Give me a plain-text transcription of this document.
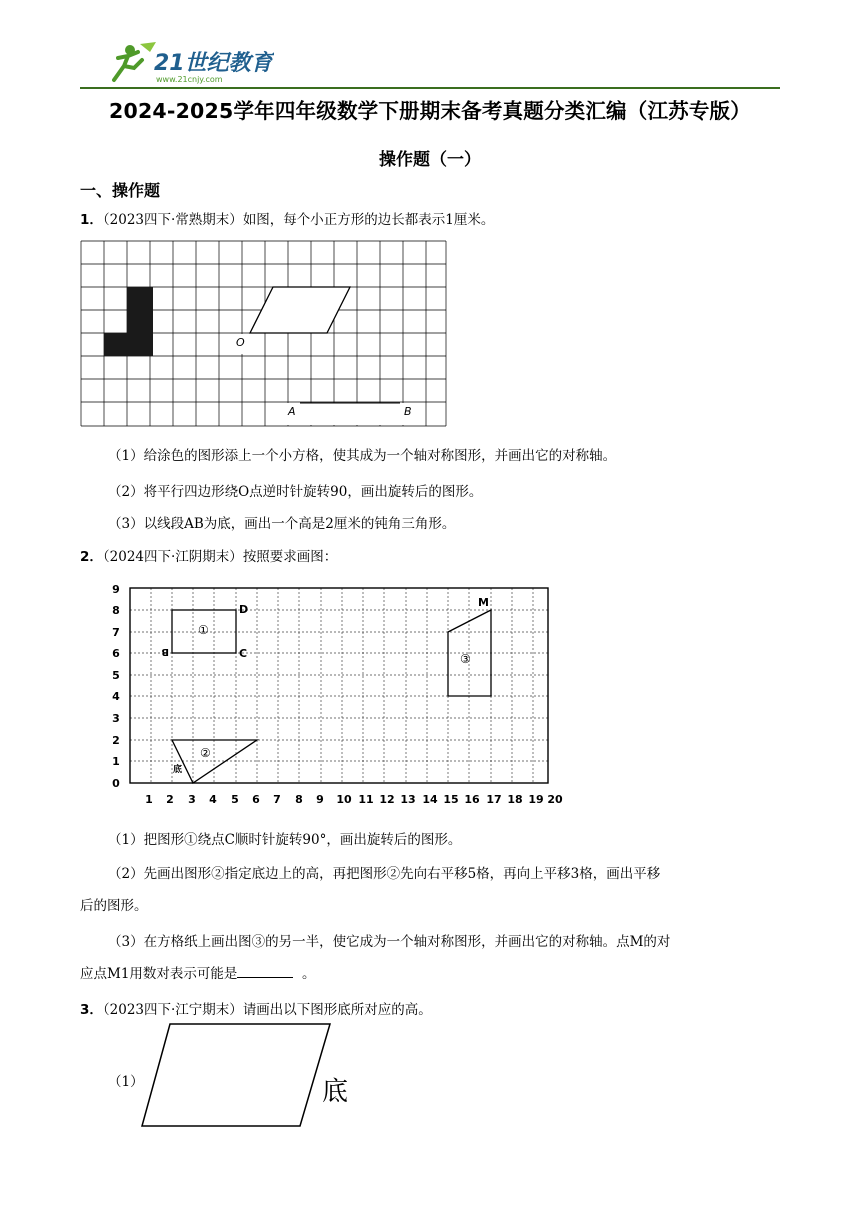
21世纪教育
www.21cnjy.com
2024-2025学年四年级数学下册期末备考真题分类汇编（江苏专版）
操作题（一）
一、操作题
1．（2023四下·常熟期末）如图，每个小正方形的边长都表示1厘米。
O
A	B
（1）给涂色的图形添上一个小方格，使其成为一个轴对称图形，并画出它的对称轴。
（2）将平行四边形绕O点逆时针旋转90，画出旋转后的图形。
（3）以线段AB为底，画出一个高是2厘米的钝角三角形。
2．（2024四下·江阴期末）按照要求画图：
0
1
2
3
4
5
6
7
8
9
1 2 3 4 5 6 7 8 9 10 11 12 13 14 15 16 17 18 19 20
①
D
C
B
②
底
③
M
（1）把图形①绕点C顺时针旋转90°，画出旋转后的图形。
（2）先画出图形②指定底边上的高，再把图形②先向右平移5格，再向上平移3格，画出平移
后的图形。
（3）在方格纸上画出图③的另一半，使它成为一个轴对称图形，并画出它的对称轴。点M的对
应点M1用数对表示可能是	。
3．（2023四下·江宁期末）请画出以下图形底所对应的高。
（1）	底
